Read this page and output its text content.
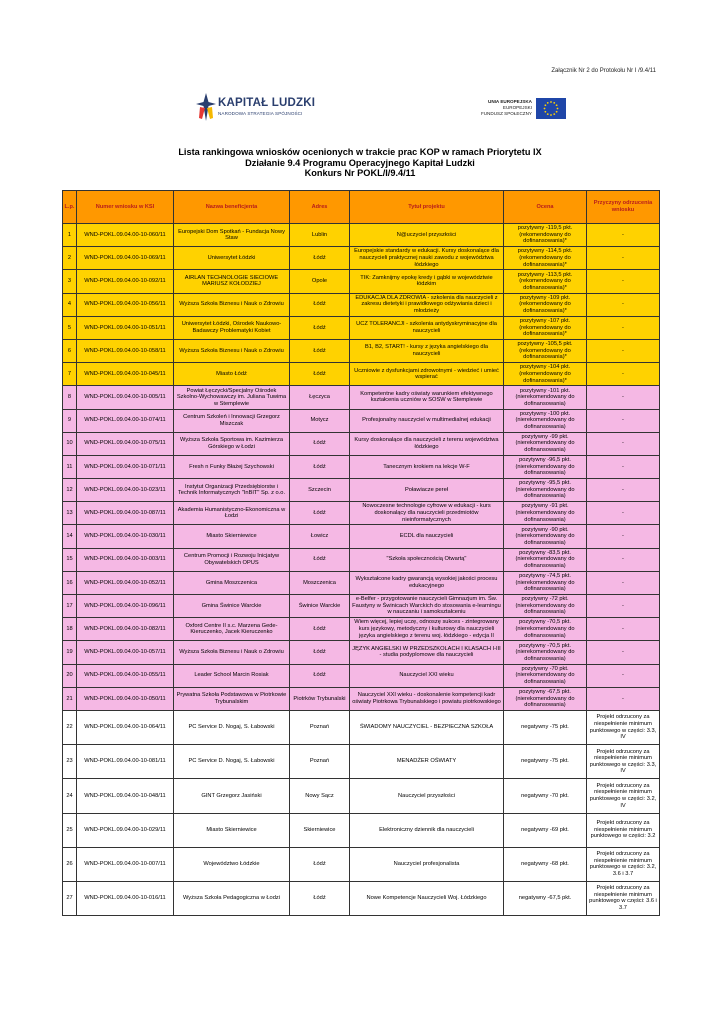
Załącznik Nr 2 do Protokołu Nr I /9.4/11
KAPITAŁ LUDZKI
NARODOWA STRATEGIA SPÓJNOŚCI
UNIA EUROPEJSKA
EUROPEJSKI
FUNDUSZ SPOŁECZNY
Lista rankingowa wniosków ocenionych w trakcie prac KOP w ramach Priorytetu IX
Działanie 9.4 Programu Operacyjnego Kapitał Ludzki
Konkurs Nr POKL/I/9.4/11
L.p.	Numer wniosku w KSI	Nazwa beneficjenta	Adres	Tytuł projektu	Ocena	Przyczyny odrzucenia wniosku
1	WND-POKL.09.04.00-10-060/11	Europejski Dom Spotkań - Fundacja Nowy Staw	Lublin	N@uczyciel przyszłości	pozytywny -119,5 pkt. (rekomendowany do dofinansowania)*	-
2	WND-POKL.09.04.00-10-069/11	Uniwersytet Łódzki	Łódź	Europejskie standardy w edukacji. Kursy doskonalące dla nauczycieli praktycznej nauki zawodu z województwa łódzkiego	pozytywny -114,5 pkt. (rekomendowany do dofinansowania)*	-
3	WND-POKL.09.04.00-10-092/11	AIRLAN TECHNOLOGIE SIECIOWE MARIUSZ KOŁODZIEJ	Opole	TIK: Zamknijmy epokę kredy i gąbki w województwie łódzkim	pozytywny -113,5 pkt. (rekomendowany do dofinansowania)*	-
4	WND-POKL.09.04.00-10-056/11	Wyższa Szkoła Biznesu i Nauk o Zdrowiu	Łódź	EDUKACJA DLA ZDROWIA - szkolenia dla nauczycieli z zakresu dietetyki i prawidłowego odżywiania dzieci i młodzieży	pozytywny -109 pkt. (rekomendowany do dofinansowania)*	-
5	WND-POKL.09.04.00-10-051/11	Uniwersytet Łódzki, Ośrodek Naukowo-Badawczy Problematyki Kobiet	Łódź	UCZ TOLERANCJI - szkolenia antydyskryminacyjne dla nauczycieli	pozytywny -107 pkt. (rekomendowany do dofinansowania)*	-
6	WND-POKL.09.04.00-10-058/11	Wyższa Szkoła Biznesu i Nauk o Zdrowiu	Łódź	B1, B2, START! - kursy z języka angielskiego dla nauczycieli	pozytywny -105,5 pkt. (rekomendowany do dofinansowania)*	-
7	WND-POKL.09.04.00-10-045/11	Miasto Łódź	Łódź	Uczniowie z dysfunkcjami zdrowotnymi - wiedzieć i umieć wspierać	pozytywny -104 pkt. (rekomendowany do dofinansowania)*	-
8	WND-POKL.09.04.00-10-005/11	Powiat Łęczycki/Specjalny Ośrodek Szkolno-Wychowawczy im. Juliana Tuwima w Stemplewie	Łęczyca	Kompetentne kadry oświaty warunkiem efektywnego kształcenia uczniów w SOSW w Stemplewie	pozytywny -101 pkt. (nierekomendowany do dofinansowania)	-
9	WND-POKL.09.04.00-10-074/11	Centrum Szkoleń i Innowacji Grzegorz Miszczak	Motycz	Profesjonalny nauczyciel w multimedialnej edukacji	pozytywny -100 pkt. (nierekomendowany do dofinansowania)	-
10	WND-POKL.09.04.00-10-075/11	Wyższa Szkoła Sportowa im. Kazimierza Górskiego w Łodzi	Łódź	Kursy doskonalące dla nauczycieli z terenu województwa łódzkiego	pozytywny -99 pkt. (nierekomendowany do dofinansowania)	-
11	WND-POKL.09.04.00-10-071/11	Fresh n Funky Błażej Szychowski	Łódź	Tanecznym krokiem na lekcje W-F	pozytywny -96,5 pkt. (nierekomendowany do dofinansowania)	-
12	WND-POKL.09.04.00-10-023/11	Instytut Organizacji Przedsiębiorstw i Technik Informatycznych "InBIT" Sp. z o.o.	Szczecin	Poławiacze pereł	pozytywny -95,5 pkt. (nierekomendowany do dofinansowania)	-
13	WND-POKL.09.04.00-10-087/11	Akademia Humanistyczno-Ekonomiczna w Łodzi	Łódź	Nowoczesne technologie cyfrowe w edukacji - kurs doskonalący dla nauczycieli przedmiotów nieinformatycznych	pozytywny -91 pkt. (nierekomendowany do dofinansowania)	-
14	WND-POKL.09.04.00-10-030/11	Miasto Skierniewice	Łowicz	ECDL dla nauczycieli	pozytywny -90 pkt. (nierekomendowany do dofinansowania)	-
15	WND-POKL.09.04.00-10-003/11	Centrum Promocji i Rozwoju Inicjatyw Obywatelskich OPUS	Łódź	"Szkoła społecznością Otwartą"	pozytywny -83,5 pkt. (nierekomendowany do dofinansowania)	-
16	WND-POKL.09.04.00-10-052/11	Gmina Moszczenica	Moszczenica	Wykształcone kadry gwarancją wysokiej jakości procesu edukacyjnego	pozytywny -74,5 pkt. (nierekomendowany do dofinansowania)	-
17	WND-POKL.09.04.00-10-096/11	Gmina Świnice Warckie	Świnice Warckie	e-Belfer - przygotowanie nauczycieli Gimnazjum im. Św. Faustyny w Świnicach Warckich do stosowania e-learningu w nauczaniu i samokształceniu	pozytywny -72 pkt. (nierekomendowany do dofinansowania)	-
18	WND-POKL.09.04.00-10-082/11	Oxford Centre II s.c. Marzena Gede-Kieruczenko, Jacek Kieruczenko	Łódź	Wiem więcej, lepiej uczę, odnoszę sukces - zintegrowany kurs językowy, metodyczny i kulturowy dla nauczycieli języka angielskiego z terenu woj. łódzkiego - edycja II	pozytywny -70,5 pkt. (nierekomendowany do dofinansowania)	-
19	WND-POKL.09.04.00-10-057/11	Wyższa Szkoła Biznesu i Nauk o Zdrowiu	Łódź	JĘZYK ANGIELSKI W PRZEDSZKOLACH I KLASACH I-III - studia podyplomowe dla nauczycieli	pozytywny -70,5 pkt. (nierekomendowany do dofinansowania)	-
20	WND-POKL.09.04.00-10-055/11	Leader School Marcin Rosiak	Łódź	Nauczyciel XXI wieku	pozytywny -70 pkt. (nierekomendowany do dofinansowania)	-
21	WND-POKL.09.04.00-10-050/11	Prywatna Szkoła Podstawowa w Piotrkowie Trybunalskim	Piotrków Trybunalski	Nauczyciel XXI wieku - doskonalenie kompetencji kadr oświaty Piotrkowa Trybunalskiego i powiatu piotrkowskiego	pozytywny -67,5 pkt. (nierekomendowany do dofinansowania)	-
22	WND-POKL.09.04.00-10-064/11	PC Service D. Nogaj, S. Łabowski	Poznań	ŚWIADOMY NAUCZYCIEL - BEZPIECZNA SZKOŁA	negatywny -75 pkt.	Projekt odrzucony za niespełnienie minimum punktowego w części: 3.3, IV
23	WND-POKL.09.04.00-10-081/11	PC Service D. Nogaj, S. Łabowski	Poznań	MENADŻER OŚWIATY	negatywny -75 pkt.	Projekt odrzucony za niespełnienie minimum punktowego w części: 3.3, IV
24	WND-POKL.09.04.00-10-048/11	GINT Grzegorz Jasiński	Nowy Sącz	Nauczyciel przyszłości	negatywny -70 pkt.	Projekt odrzucony za niespełnienie minimum punktowego w części: 3.2, IV
25	WND-POKL.09.04.00-10-029/11	Miasto Skierniewice	Skierniewice	Elektroniczny dziennik dla nauczycieli	negatywny -69 pkt.	Projekt odrzucony za niespełnienie minimum punktowego w części: 3.2
26	WND-POKL.09.04.00-10-007/11	Województwo Łódzkie	Łódź	Nauczyciel profesjonalista	negatywny -68 pkt.	Projekt odrzucony za niespełnienie minimum punktowego w części: 3.2, 3.6 i 3.7
27	WND-POKL.09.04.00-10-016/11	Wyższa Szkoła Pedagogiczna w Łodzi	Łódź	Nowe Kompetencje Nauczycieli Woj. Łódzkiego	negatywny -67,5 pkt.	Projekt odrzucony za niespełnienie minimum punktowego w części: 3.6 i 3.7
